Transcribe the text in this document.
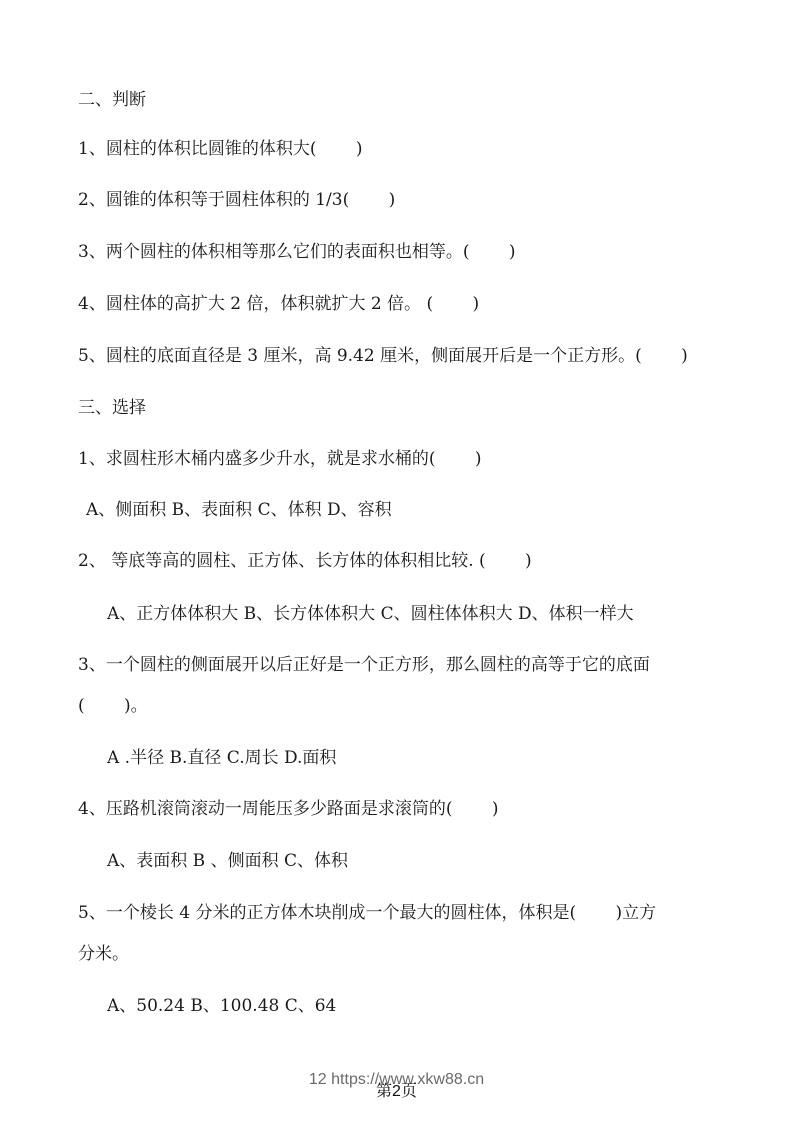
二、判断
1、圆柱的体积比圆锥的体积大(　　 )
2、圆锥的体积等于圆柱体积的 1/3(　　 )
3、两个圆柱的体积相等那么它们的表面积也相等。(　　 )
4、圆柱体的高扩大 2 倍，体积就扩大 2 倍。 (　　 )
5、圆柱的底面直径是 3 厘米，高 9.42 厘米，侧面展开后是一个正方形。(　　 )
三、选择
1、求圆柱形木桶内盛多少升水，就是求水桶的(　　 )
A、侧面积 B、表面积 C、体积 D、容积
2、 等底等高的圆柱、正方体、长方体的体积相比较. (　　 )
A、正方体体积大 B、长方体体积大 C、圆柱体体积大 D、体积一样大
3、一个圆柱的侧面展开以后正好是一个正方形，那么圆柱的高等于它的底面
(　　 )。
A .半径 B.直径 C.周长 D.面积
4、压路机滚筒滚动一周能压多少路面是求滚筒的(　　 )
A、表面积 B 、侧面积 C、体积
5、一个棱长 4 分米的正方体木块削成一个最大的圆柱体，体积是(　　 )立方
分米。
A、50.24 B、100.48 C、64
12 https://www.xkw88.cn
第2页
